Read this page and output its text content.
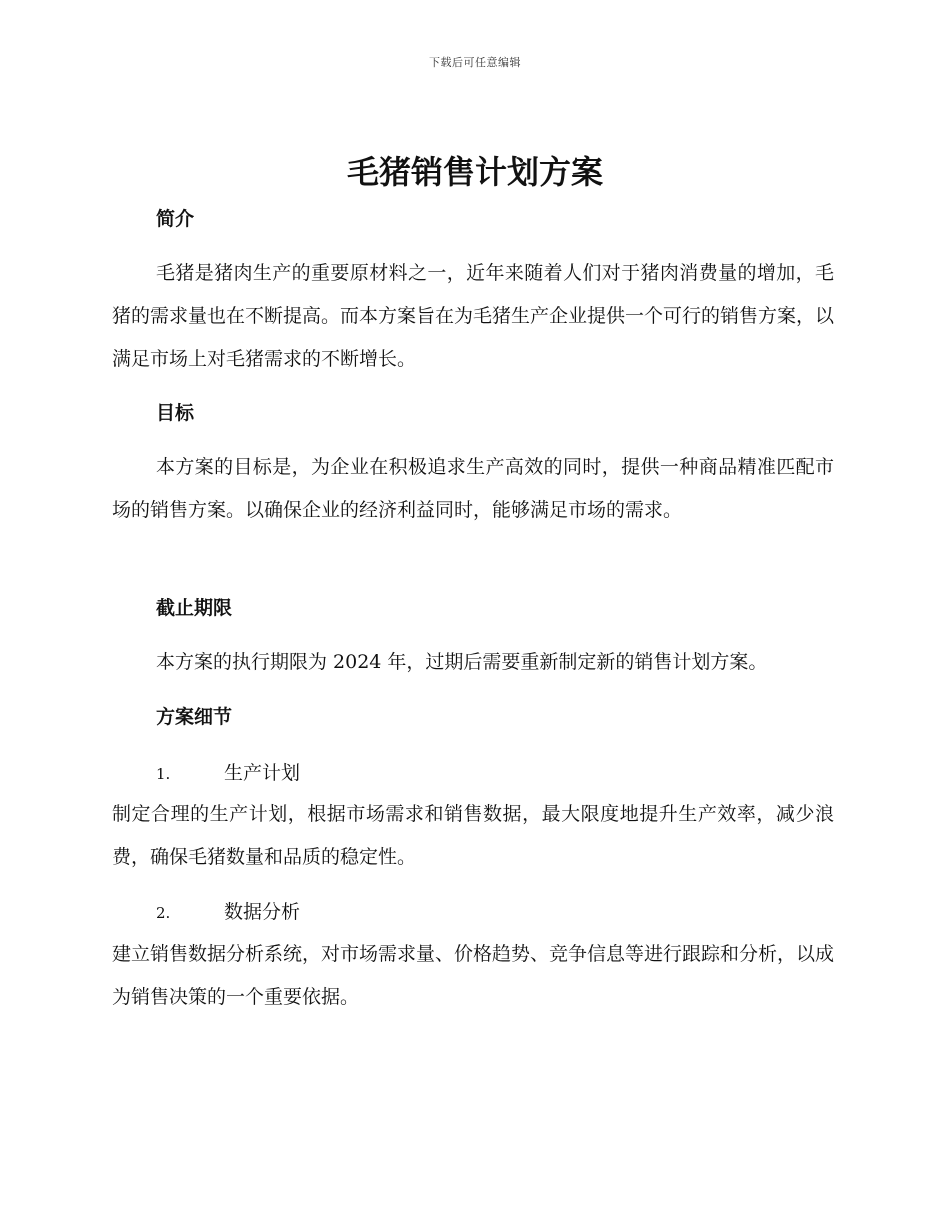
下载后可任意编辑
毛猪销售计划方案
简介

毛猪是猪肉生产的重要原材料之一，近年来随着人们对于猪肉消费量的增加，毛猪的需求量也在不断提高。而本方案旨在为毛猪生产企业提供一个可行的销售方案，以满足市场上对毛猪需求的不断增长。

目标

本方案的目标是，为企业在积极追求生产高效的同时，提供一种商品精准匹配市场的销售方案。以确保企业的经济利益同时，能够满足市场的需求。

截止期限

本方案的执行期限为 2024 年，过期后需要重新制定新的销售计划方案。

方案细节
1.	生产计划

制定合理的生产计划，根据市场需求和销售数据，最大限度地提升生产效率，减少浪费，确保毛猪数量和品质的稳定性。

2.	数据分析

建立销售数据分析系统，对市场需求量、价格趋势、竞争信息等进行跟踪和分析，以成为销售决策的一个重要依据。
